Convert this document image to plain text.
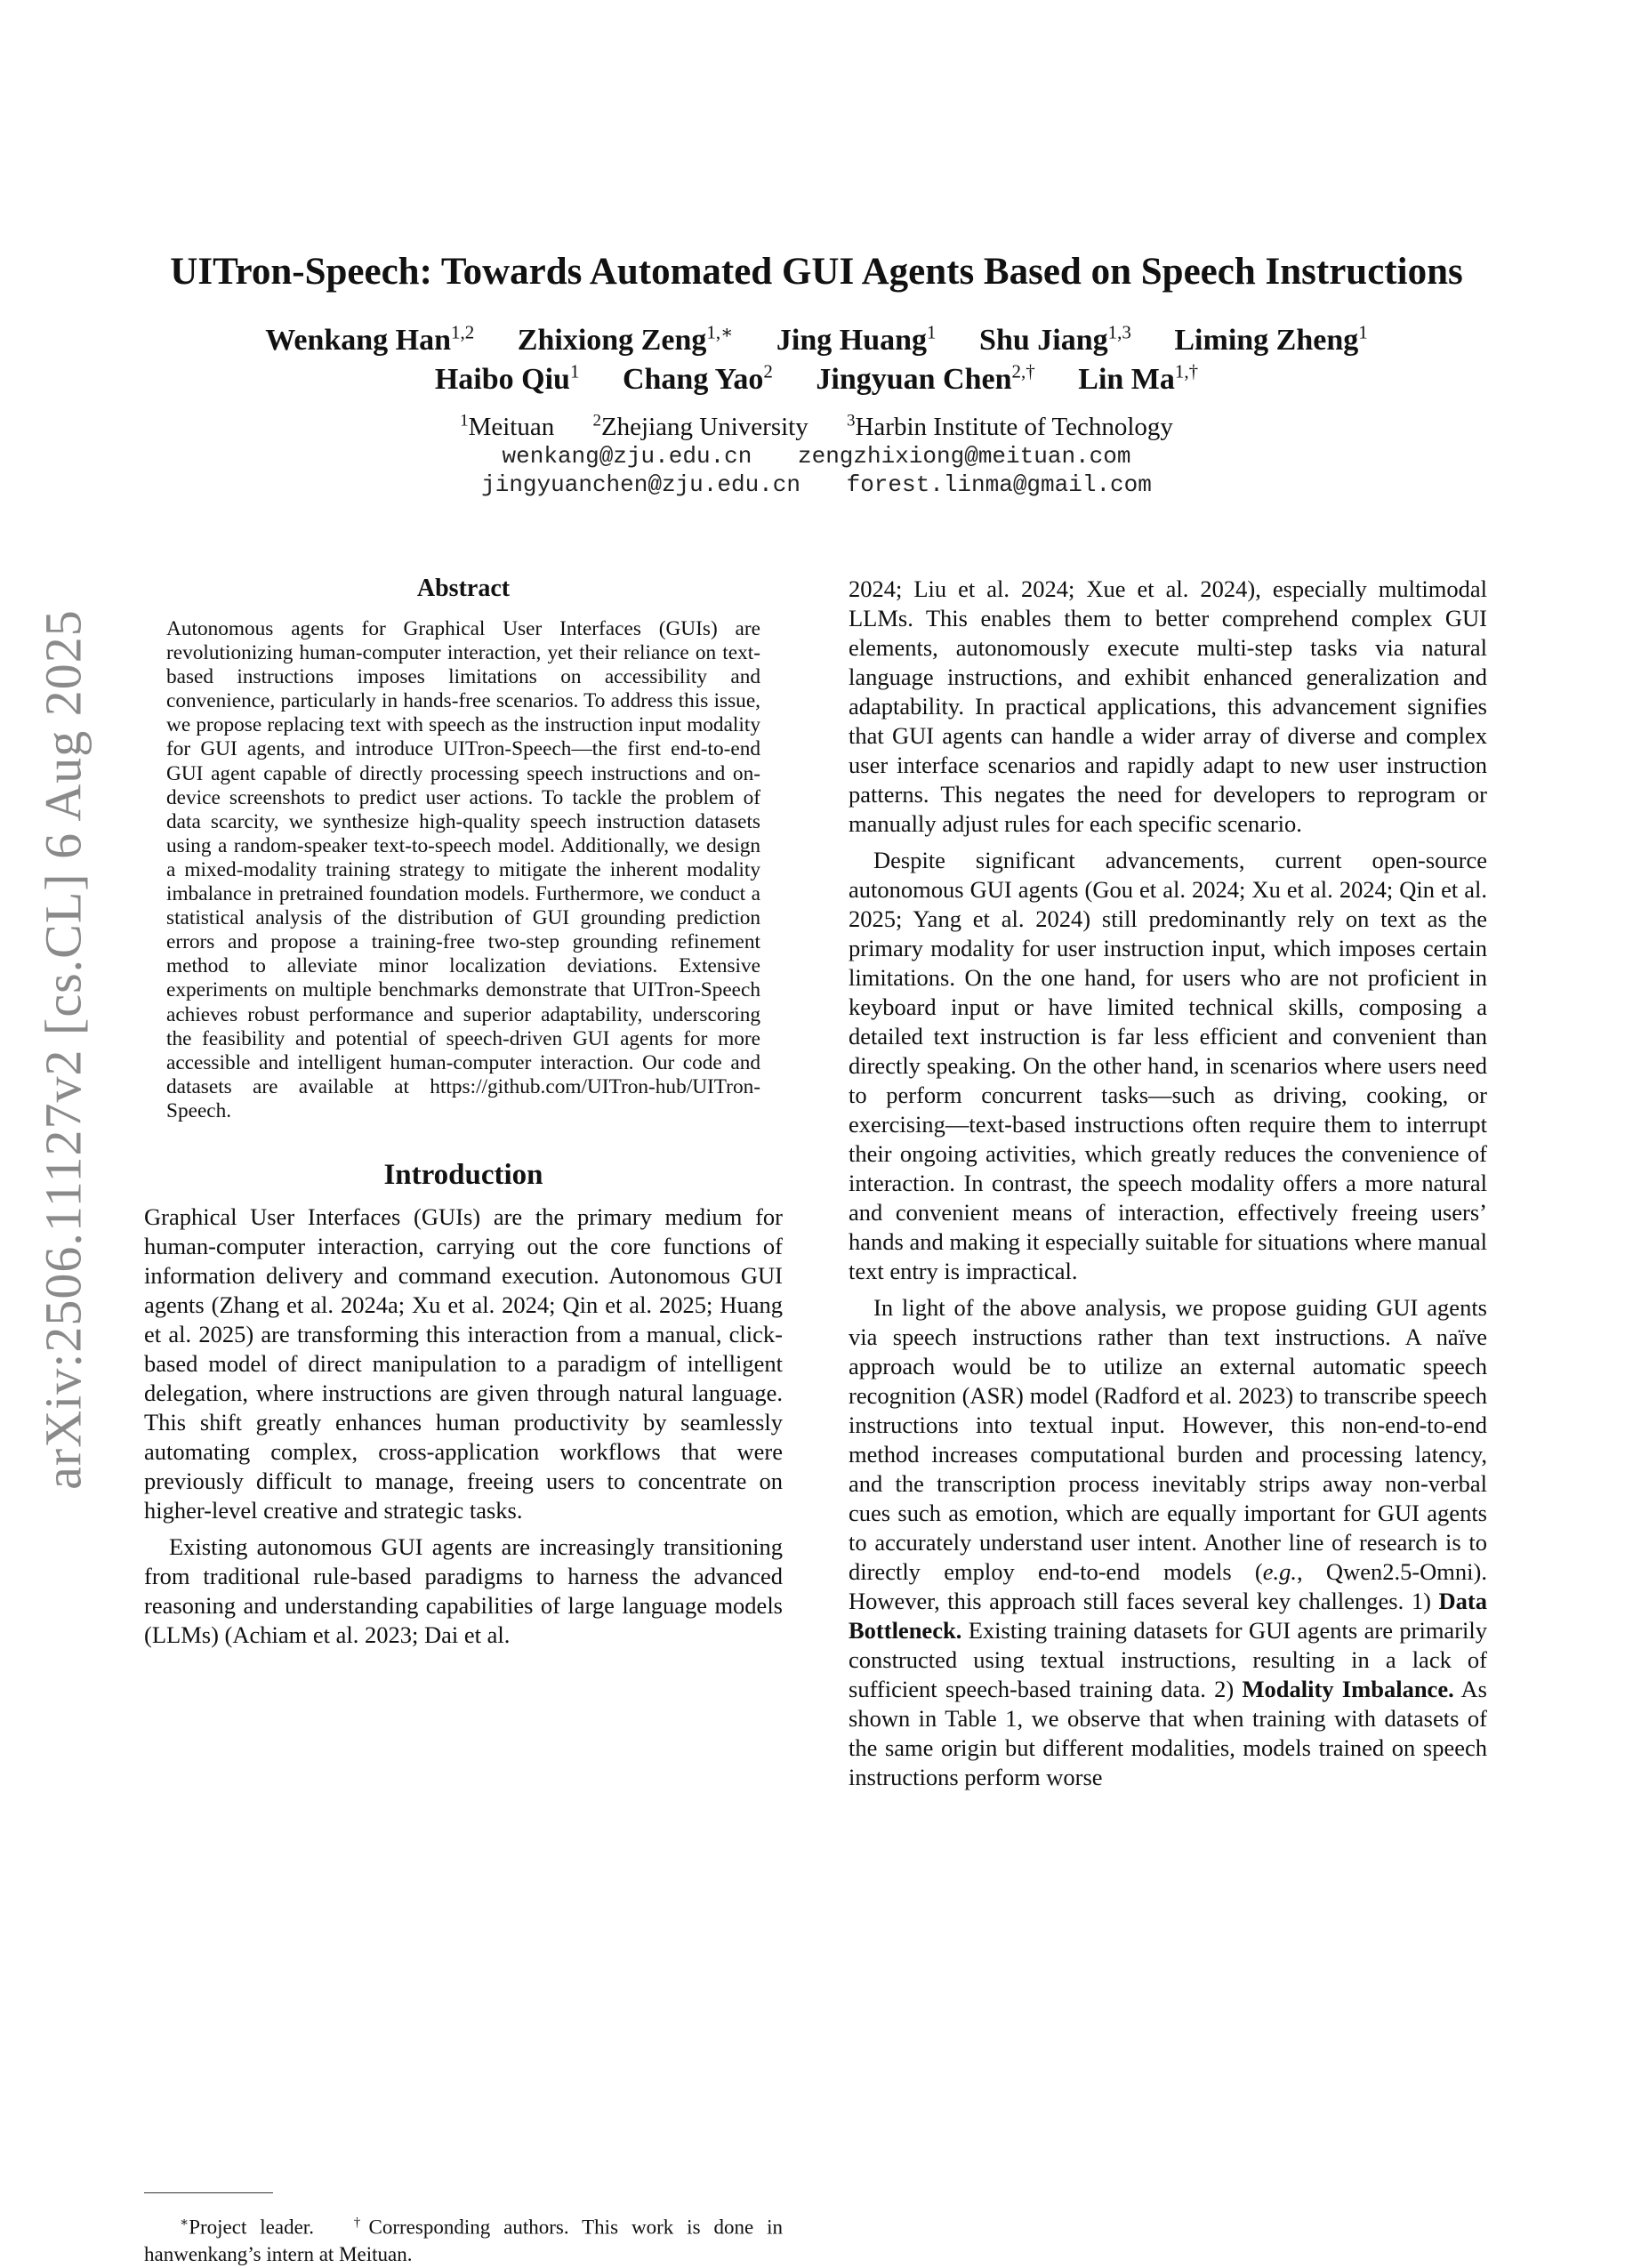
arXiv:2506.11127v2 [cs.CL] 6 Aug 2025
UITron-Speech: Towards Automated GUI Agents Based on Speech Instructions
Wenkang Han$^{1,2}$ Zhixiong Zeng$^{1,∗}$ Jing Huang$^1$ Shu Jiang$^{1,3}$ Liming Zheng$^1$
Haibo Qiu$^1$ Chang Yao$^2$ Jingyuan Chen$^{2,\dagger}$ Lin $Ma^{1,\dagger}$
$^1$Meituan $^2$Zhejiang University $^3$Harbin Institute of Technology
wenkang@zju.edu.cn zengzhixiong@meituan.com
jingyuanchen@zju.edu.cn forest.linma@gmail.com
Abstract

Autonomous agents for Graphical User Interfaces (GUIs) are revolutionizing human-computer interaction, yet their reliance on text-based instructions imposes limitations on accessibility and convenience, particularly in hands-free scenarios. To address this issue, we propose replacing text with speech as the instruction input modality for GUI agents, and introduce UITron-Speech—the first end-to-end GUI agent capable of directly processing speech instructions and on-device screenshots to predict user actions. To tackle the problem of data scarcity, we synthesize high-quality speech instruction datasets using a random-speaker text-to-speech model. Additionally, we design a mixed-modality training strategy to mitigate the inherent modality imbalance in pretrained foundation models. Furthermore, we conduct a statistical analysis of the distribution of GUI grounding prediction errors and propose a training-free two-step grounding refinement method to alleviate minor localization deviations. Extensive experiments on multiple benchmarks demonstrate that UITron-Speech achieves robust performance and superior adaptability, underscoring the feasibility and potential of speech-driven GUI agents for more accessible and intelligent human-computer interaction. Our code and datasets are available at https://github.com/UITron-hub/UITron-Speech.

Introduction

Graphical User Interfaces (GUIs) are the primary medium for human-computer interaction, carrying out the core functions of information delivery and command execution. Autonomous GUI agents (Zhang et al. 2024a; Xu et al. 2024; Qin et al. 2025; Huang et al. 2025) are transforming this interaction from a manual, click-based model of direct manipulation to a paradigm of intelligent delegation, where instructions are given through natural language. This shift greatly enhances human productivity by seamlessly automating complex, cross-application workflows that were previously difficult to manage, freeing users to concentrate on higher-level creative and strategic tasks.

Existing autonomous GUI agents are increasingly transitioning from traditional rule-based paradigms to harness the advanced reasoning and understanding capabilities of large language models (LLMs) (Achiam et al. 2023; Dai et al.

2024; Liu et al. 2024; Xue et al. 2024), especially multimodal LLMs. This enables them to better comprehend complex GUI elements, autonomously execute multi-step tasks via natural language instructions, and exhibit enhanced generalization and adaptability. In practical applications, this advancement signifies that GUI agents can handle a wider array of diverse and complex user interface scenarios and rapidly adapt to new user instruction patterns. This negates the need for developers to reprogram or manually adjust rules for each specific scenario.

Despite significant advancements, current open-source autonomous GUI agents (Gou et al. 2024; Xu et al. 2024; Qin et al. 2025; Yang et al. 2024) still predominantly rely on text as the primary modality for user instruction input, which imposes certain limitations. On the one hand, for users who are not proficient in keyboard input or have limited technical skills, composing a detailed text instruction is far less efficient and convenient than directly speaking. On the other hand, in scenarios where users need to perform concurrent tasks—such as driving, cooking, or exercising—text-based instructions often require them to interrupt their ongoing activities, which greatly reduces the convenience of interaction. In contrast, the speech modality offers a more natural and convenient means of interaction, effectively freeing users’ hands and making it especially suitable for situations where manual text entry is impractical.

In light of the above analysis, we propose guiding GUI agents via speech instructions rather than text instructions. A naïve approach would be to utilize an external automatic speech recognition (ASR) model (Radford et al. 2023) to transcribe speech instructions into textual input. However, this non-end-to-end method increases computational burden and processing latency, and the transcription process inevitably strips away non-verbal cues such as emotion, which are equally important for GUI agents to accurately understand user intent. Another line of research is to directly employ end-to-end models (e.g., Qwen2.5-Omni). However, this approach still faces several key challenges. 1) Data Bottleneck. Existing training datasets for GUI agents are primarily constructed using textual instructions, resulting in a lack of sufficient speech-based training data. 2) Modality Imbalance. As shown in Table 1, we observe that when training with datasets of the same origin but different modalities, models trained on speech instructions perform worse

∗Project leader.	†Corresponding authors. This work is done in hanwenkang’s intern at Meituan.
